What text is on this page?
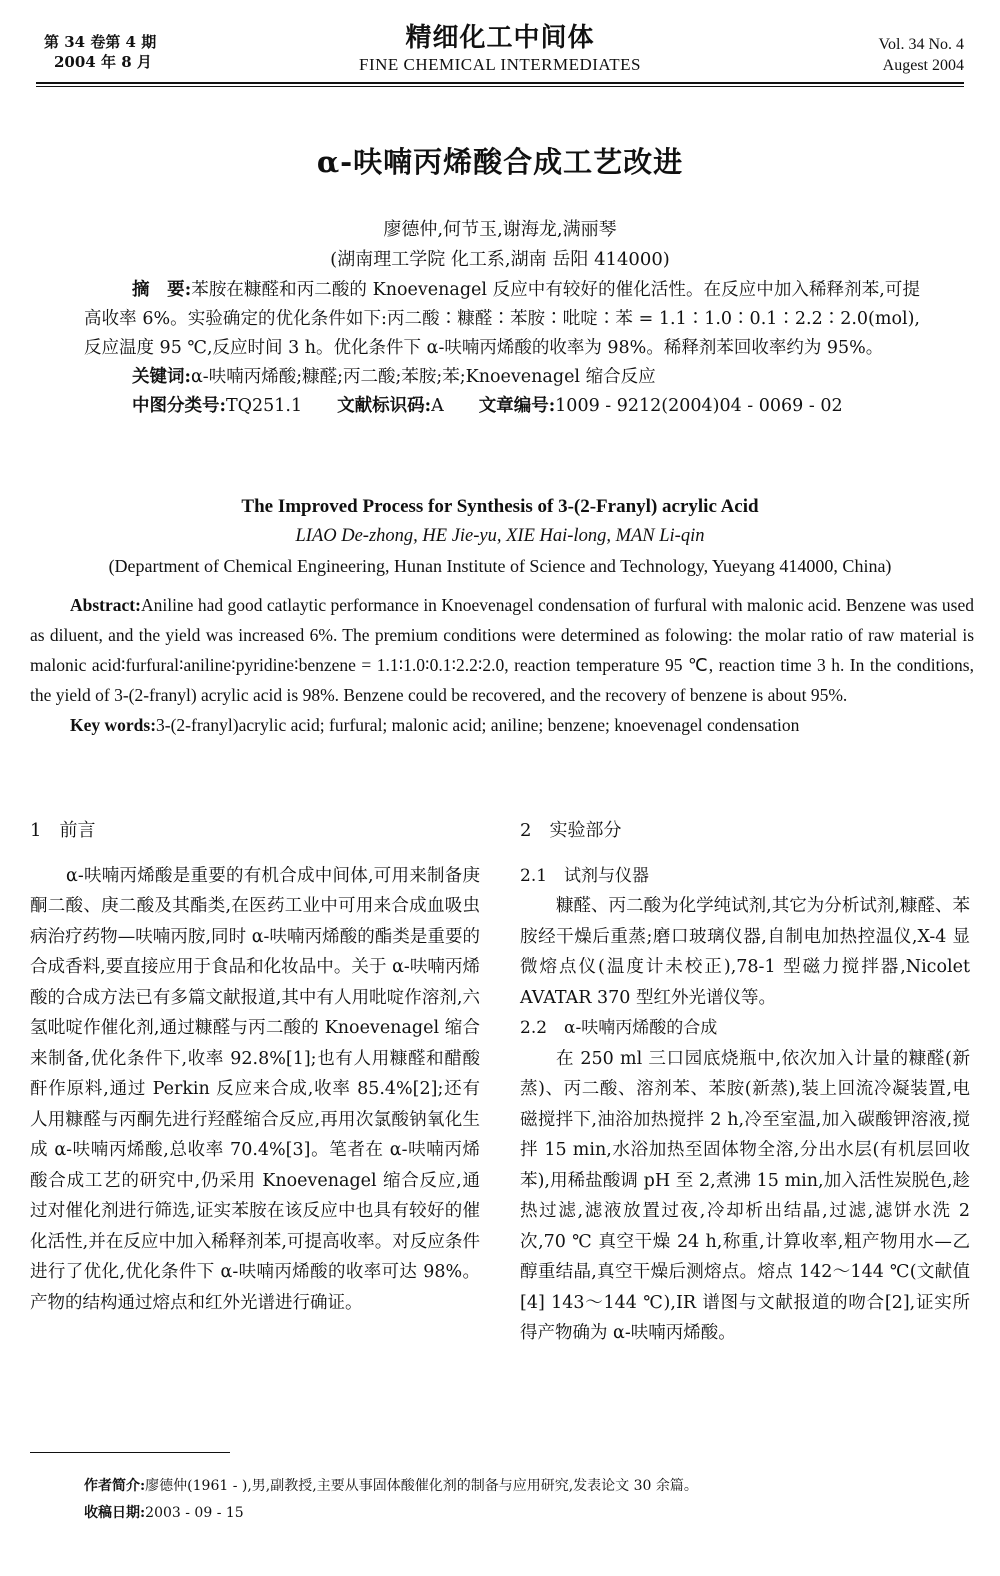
第 34 卷第 4 期
2004 年 8 月
精细化工中间体
FINE CHEMICAL INTERMEDIATES
Vol. 34 No. 4
Augest 2004
α-呋喃丙烯酸合成工艺改进
廖德仲,何节玉,谢海龙,满丽琴
(湖南理工学院 化工系,湖南 岳阳 414000)

摘　要:苯胺在糠醛和丙二酸的 Knoevenagel 反应中有较好的催化活性。在反应中加入稀释剂苯,可提高收率 6%。实验确定的优化条件如下:丙二酸∶糠醛∶苯胺∶吡啶∶苯 = 1.1∶1.0∶0.1∶2.2∶2.0(mol),反应温度 95 ℃,反应时间 3 h。优化条件下 α-呋喃丙烯酸的收率为 98%。稀释剂苯回收率约为 95%。

关键词:α-呋喃丙烯酸;糠醛;丙二酸;苯胺;苯;Knoevenagel 缩合反应

中图分类号:TQ251.1　　 文献标识码:A　　 文章编号:1009 - 9212(2004)04 - 0069 - 02

The Improved Process for Synthesis of 3-(2-Franyl) acrylic Acid
LIAO De-zhong, HE Jie-yu, XIE Hai-long, MAN Li-qin
(Department of Chemical Engineering, Hunan Institute of Science and Technology, Yueyang 414000, China)

Abstract:Aniline had good catlaytic performance in Knoevenagel condensation of furfural with malonic acid. Benzene was used as diluent, and the yield was increased 6%. The premium conditions were determined as folowing: the molar ratio of raw material is malonic acid∶furfural∶aniline∶pyridine∶benzene = 1.1∶1.0∶0.1∶2.2∶2.0, reaction temperature 95 ℃, reaction time 3 h. In the conditions, the yield of 3-(2-franyl) acrylic acid is 98%. Benzene could be recovered, and the recovery of benzene is about 95%.

Key words:3-(2-franyl)acrylic acid; furfural; malonic acid; aniline; benzene; knoevenagel condensation

1　前言

α-呋喃丙烯酸是重要的有机合成中间体,可用来制备庚酮二酸、庚二酸及其酯类,在医药工业中可用来合成血吸虫病治疗药物—呋喃丙胺,同时 α-呋喃丙烯酸的酯类是重要的合成香料,要直接应用于食品和化妆品中。关于 α-呋喃丙烯酸的合成方法已有多篇文献报道,其中有人用吡啶作溶剂,六氢吡啶作催化剂,通过糠醛与丙二酸的 Knoevenagel 缩合来制备,优化条件下,收率 92.8%[1];也有人用糠醛和醋酸酐作原料,通过 Perkin 反应来合成,收率 85.4%[2];还有人用糠醛与丙酮先进行羟醛缩合反应,再用次氯酸钠氧化生成 α-呋喃丙烯酸,总收率 70.4%[3]。笔者在 α-呋喃丙烯酸合成工艺的研究中,仍采用 Knoevenagel 缩合反应,通过对催化剂进行筛选,证实苯胺在该反应中也具有较好的催化活性,并在反应中加入稀释剂苯,可提高收率。对反应条件进行了优化,优化条件下 α-呋喃丙烯酸的收率可达 98%。产物的结构通过熔点和红外光谱进行确证。

2　实验部分

2.1　试剂与仪器

糠醛、丙二酸为化学纯试剂,其它为分析试剂,糠醛、苯胺经干燥后重蒸;磨口玻璃仪器,自制电加热控温仪,X-4 显微熔点仪(温度计未校正),78-1 型磁力搅拌器,Nicolet AVATAR 370 型红外光谱仪等。

2.2　α-呋喃丙烯酸的合成

在 250 ml 三口园底烧瓶中,依次加入计量的糠醛(新蒸)、丙二酸、溶剂苯、苯胺(新蒸),装上回流冷凝装置,电磁搅拌下,油浴加热搅拌 2 h,冷至室温,加入碳酸钾溶液,搅拌 15 min,水浴加热至固体物全溶,分出水层(有机层回收苯),用稀盐酸调 pH 至 2,煮沸 15 min,加入活性炭脱色,趁热过滤,滤液放置过夜,冷却析出结晶,过滤,滤饼水洗 2 次,70 ℃ 真空干燥 24 h,称重,计算收率,粗产物用水—乙醇重结晶,真空干燥后测熔点。熔点 142～144 ℃(文献值[4] 143～144 ℃),IR 谱图与文献报道的吻合[2],证实所得产物确为 α-呋喃丙烯酸。

作者简介:廖德仲(1961 - ),男,副教授,主要从事固体酸催化剂的制备与应用研究,发表论文 30 余篇。
收稿日期:2003 - 09 - 15
